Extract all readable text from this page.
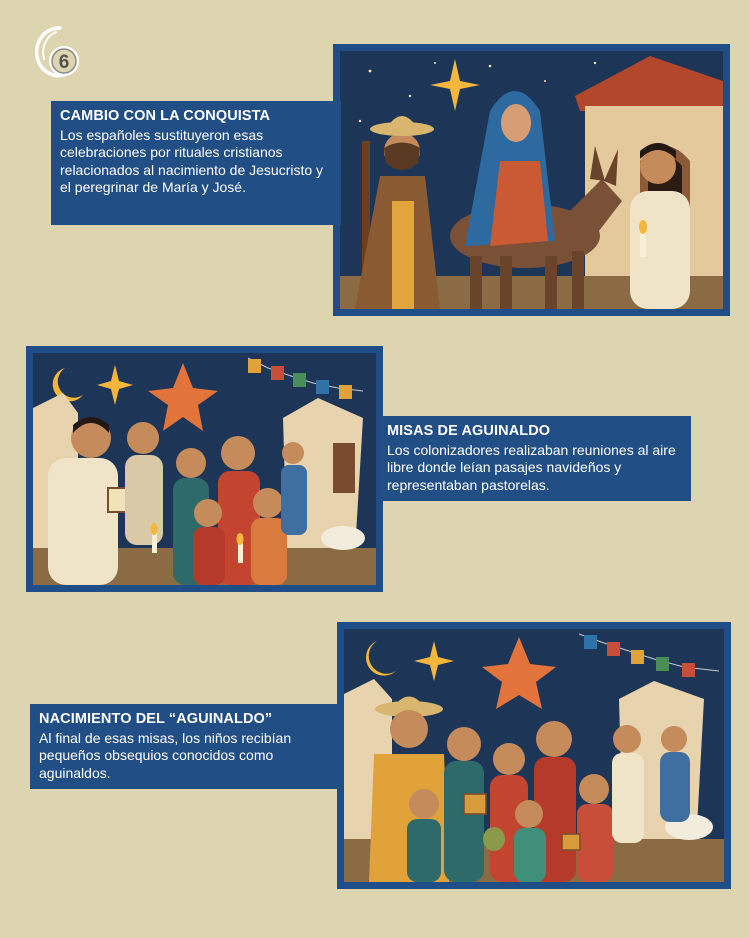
6
CAMBIO CON LA CONQUISTA

Los españoles sustituyeron esas celebraciones por rituales cristianos relacionados al nacimiento de Jesucristo y el peregrinar de María y José.

MISAS DE AGUINALDO

Los colonizadores realizaban reuniones al aire libre donde leían pasajes navideños y representaban pastorelas.

NACIMIENTO DEL “AGUINALDO”

Al final de esas misas, los niños recibían pequeños obsequios conocidos como aguinaldos.
